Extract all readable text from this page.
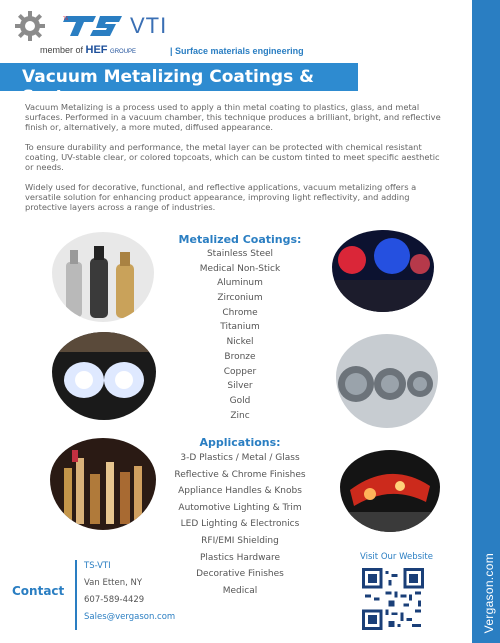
Vergason.com
TS	VTI
member of HEF GROUPE	| Surface materials engineering
Vacuum Metalizing Coatings & Systems

Vacuum Metalizing is a process used to apply a thin metal coating to plastics, glass, and metal surfaces. Performed in a vacuum chamber, this technique produces a brilliant, bright, and reflective finish or, alternatively, a more muted, diffused appearance.

To ensure durability and performance, the metal layer can be protected with chemical resistant coating, UV-stable clear, or colored topcoats, which can be custom tinted to meet specific aesthetic or needs.

Widely used for decorative, functional, and reflective applications, vacuum metalizing offers a versatile solution for enhancing product appearance, improving light reflectivity, and adding protective layers across a range of industries.

Metalized Coatings:
Stainless Steel
Medical Non-Stick
Aluminum
Zirconium
Chrome
Titanium
Nickel
Bronze
Copper
Silver
Gold
Zinc
Applications:
3-D Plastics / Metal / Glass
Reflective & Chrome Finishes
Appliance Handles & Knobs
Automotive Lighting & Trim
LED Lighting & Electronics
RFI/EMI Shielding
Plastics Hardware
Decorative Finishes
Medical
Contact
TS-VTI
Van Etten, NY
607-589-4429
Sales@vergason.com
Visit Our Website
